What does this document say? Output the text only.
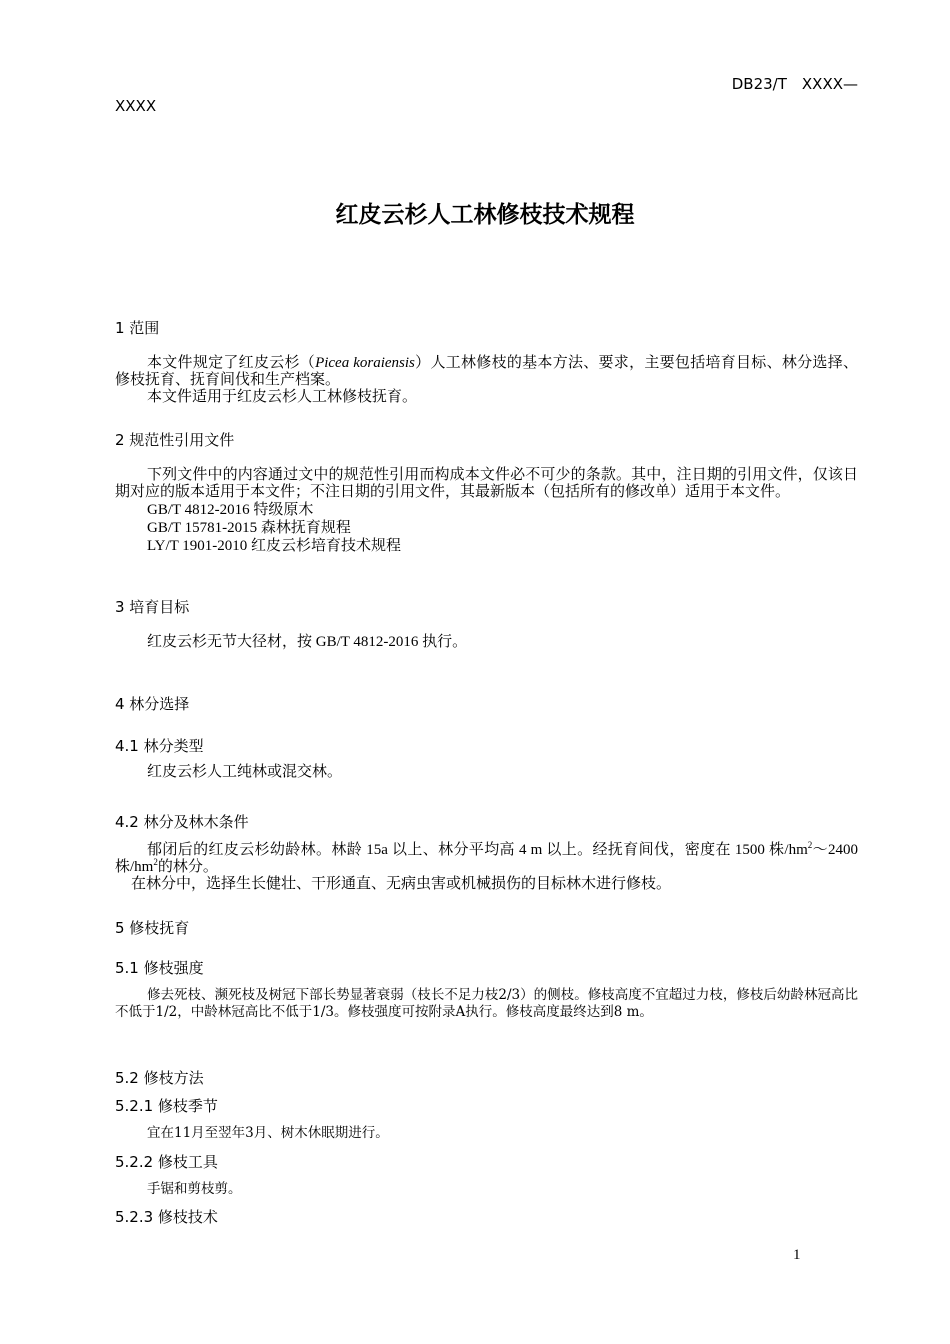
DB23/T　XXXX—
XXXX
红皮云杉人工林修枝技术规程
1 范围

本文件规定了红皮云杉（Picea koraiensis）人工林修枝的基本方法、要求，主要包括培育目标、林分选择、修枝抚育、抚育间伐和生产档案。

本文件适用于红皮云杉人工林修枝抚育。

2 规范性引用文件

下列文件中的内容通过文中的规范性引用而构成本文件必不可少的条款。其中，注日期的引用文件，仅该日期对应的版本适用于本文件；不注日期的引用文件，其最新版本（包括所有的修改单）适用于本文件。

GB/T 4812-2016 特级原木

GB/T 15781-2015 森林抚育规程

LY/T 1901-2010 红皮云杉培育技术规程

3 培育目标

红皮云杉无节大径材，按 GB/T 4812-2016 执行。

4 林分选择
4.1 林分类型

红皮云杉人工纯林或混交林。

4.2 林分及林木条件

郁闭后的红皮云杉幼龄林。林龄 15a 以上、林分平均高 4 m 以上。经抚育间伐，密度在 1500 株$/hm^2\sim 2400$ 株$/hm^2$的林分。

在林分中，选择生长健壮、干形通直、无病虫害或机械损伤的目标林木进行修枝。

5 修枝抚育
5.1 修枝强度

修去死枝、濒死枝及树冠下部长势显著衰弱（枝长不足力枝2/3）的侧枝。修枝高度不宜超过力枝，修枝后幼龄林冠高比不低于1/2，中龄林冠高比不低于1/3。修枝强度可按附录A执行。修枝高度最终达到8 m。

5.2 修枝方法
5.2.1 修枝季节

宜在11月至翌年3月、树木休眠期进行。

5.2.2 修枝工具

手锯和剪枝剪。

5.2.3 修枝技术
1
